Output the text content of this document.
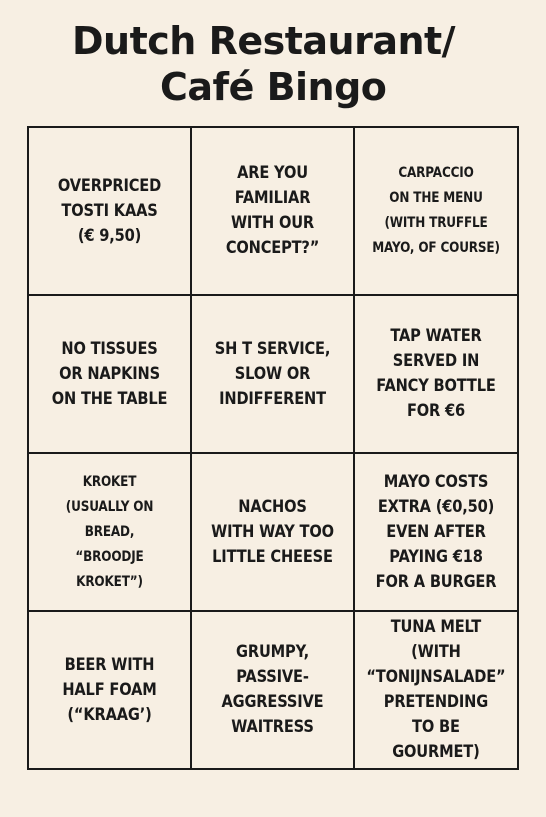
Dutch Restaurant/
Café Bingo
OVERPRICED
TOSTI KAAS
(€ 9,50)
ARE YOU
FAMILIAR
WITH OUR
CONCEPT?”
CARPACCIO
ON THE MENU
(WITH TRUFFLE
MAYO, OF COURSE)
NO TISSUES
OR NAPKINS
ON THE TABLE
SH T SERVICE,
SLOW OR
INDIFFERENT
TAP WATER
SERVED IN
FANCY BOTTLE
FOR €6
KROKET
(USUALLY ON
BREAD,
“BROODJE KROKET”)
NACHOS
WITH WAY TOO
LITTLE CHEESE
MAYO COSTS
EXTRA (€0,50)
EVEN AFTER
PAYING €18
FOR A BURGER
BEER WITH
HALF FOAM
(“KRAAG’)
GRUMPY,
PASSIVE-
AGGRESSIVE
WAITRESS
TUNA MELT
(WITH
“TONIJNSALADE”
PRETENDING
TO BE GOURMET)
